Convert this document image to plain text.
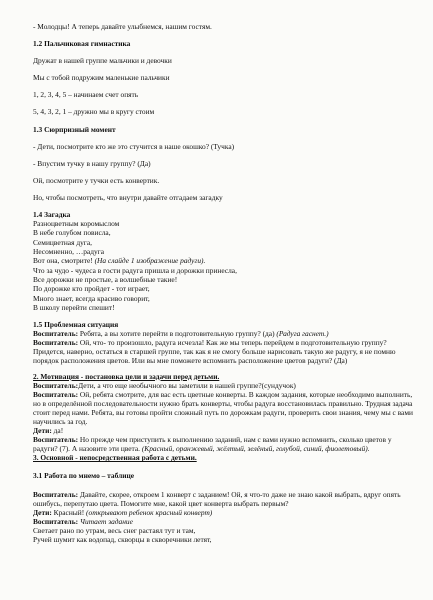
- Молодцы! А теперь давайте улыбнемся, нашим гостям.

1.2 Пальчиковая гимнастика

Дружат в нашей группе мальчики и девочки

Мы с тобой подружим маленькие пальчики

1, 2, 3, 4, 5 – начинаем счет опять

5, 4, 3, 2, 1 – дружно мы в кругу стоим

1.3 Сюрпризный момент

- Дети, посмотрите кто же это стучится в наше окошко? (Тучка)

- Впустим тучку в нашу группу? (Да)

Ой, посмотрите у тучки есть конвертик.

Но, чтобы посмотреть, что внутри давайте отгадаем загадку

1.4 Загадка

Разноцветным коромыслом

В небе голубом повисла,

Семицветная дуга,

Несомненно, …радуга

Вот она, смотрите! (На слайде 1 изображение радуги).

Что за чудо - чудеса в гости радуга пришла и дорожки принесла,

Все дорожки не простые, а волшебные такие!

По дорожке кто пройдет - тот играет,

Много знает, всегда красиво говорит,

В школу перейти спешит!

1.5 Проблемная ситуация

Воспитатель: Ребята, а вы хотите перейти в подготовительную группу? (да) (Радуга гаснет.)

Воспитатель: Ой, что- то произошло, радуга исчезла! Как же мы теперь перейдем в подготовительную группу? Придется, наверно, остаться в старшей группе, так как я не смогу больше нарисовать такую же радугу, я не помню порядок расположения цветов. Или вы мне поможете вспомнить расположение цветов радуги? (Да)

2. Мотивация - постановка цели и задачи перед детьми.

Воспитатель:Дети, а что еще необычного вы заметили в нашей группе?(сундучок)

Воспитатель: Ой, ребята смотрите, для вас есть цветные конверты. В каждом задания, которые необходимо выполнить, но в определённой последовательности нужно брать конверты, чтобы радуга восстановилась правильно. Трудная задача стоит перед нами. Ребята, вы готовы пройти сложный путь по дорожкам радуги, проверить свои знания, чему мы с вами научились за год.

Дети: да!

Воспитатель: Но прежде чем приступить к выполнению заданий, нам с вами нужно вспомнить, сколько цветов у радуги? (7). А назовите эти цвета. (Красный, оранжевый, жёлтый, зелёный, голубой, синий, фиолетовый).

3. Основной - непосредственная работа с детьми.

3.1 Работа по мнемо – таблице

Воспитатель: Давайте, скорее, откроем 1 конверт с заданием! Ой, я что-то даже не знаю какой выбрать, вдруг опять ошибусь, перепутаю цвета. Помогите мне, какой цвет конверта выбрать первым?

Дети: Красный! (открывают ребенок красный конверт)

Воспитатель: Читает задание

Светает рано по утрам, весь снег растаял тут и там,

Ручей шумит как водопад, скворцы в скворечники летят,
